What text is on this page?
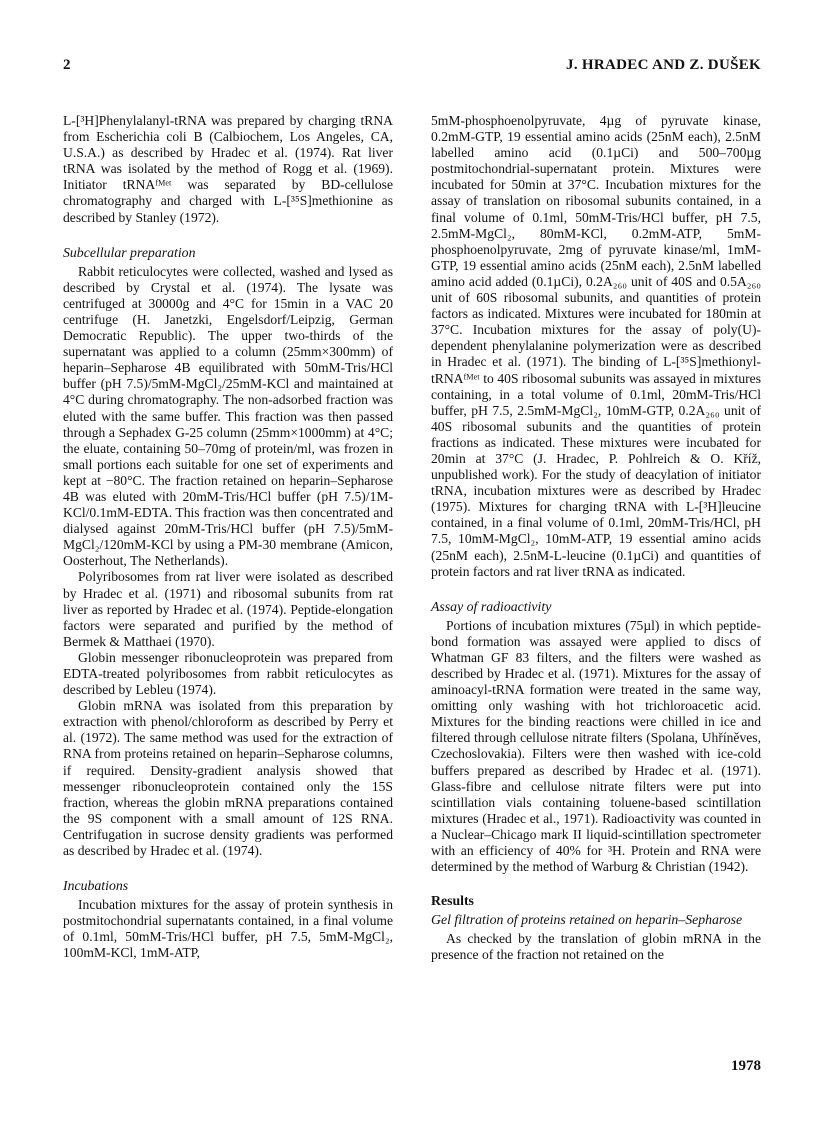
2	J. HRADEC AND Z. DUŠEK

L-[³H]Phenylalanyl-tRNA was prepared by charging tRNA from Escherichia coli B (Calbiochem, Los Angeles, CA, U.S.A.) as described by Hradec et al. (1974). Rat liver tRNA was isolated by the method of Rogg et al. (1969). Initiator tRNAᶠᴹᵉᵗ was separated by BD-cellulose chromatography and charged with L-[³⁵S]methionine as described by Stanley (1972).

Subcellular preparation

Rabbit reticulocytes were collected, washed and lysed as described by Crystal et al. (1974). The lysate was centrifuged at 30000g and 4°C for 15min in a VAC 20 centrifuge (H. Janetzki, Engelsdorf/Leipzig, German Democratic Republic). The upper two-thirds of the supernatant was applied to a column (25mm×300mm) of heparin–Sepharose 4B equilibrated with 50mM-Tris/HCl buffer (pH 7.5)/5mM-MgCl₂/25mM-KCl and maintained at 4°C during chromatography. The non-adsorbed fraction was eluted with the same buffer. This fraction was then passed through a Sephadex G-25 column (25mm×1000mm) at 4°C; the eluate, containing 50–70mg of protein/ml, was frozen in small portions each suitable for one set of experiments and kept at −80°C. The fraction retained on heparin–Sepharose 4B was eluted with 20mM-Tris/HCl buffer (pH 7.5)/1M-KCl/0.1mM-EDTA. This fraction was then concentrated and dialysed against 20mM-Tris/HCl buffer (pH 7.5)/5mM-MgCl₂/120mM-KCl by using a PM-30 membrane (Amicon, Oosterhout, The Netherlands).

Polyribosomes from rat liver were isolated as described by Hradec et al. (1971) and ribosomal subunits from rat liver as reported by Hradec et al. (1974). Peptide-elongation factors were separated and purified by the method of Bermek & Matthaei (1970).

Globin messenger ribonucleoprotein was prepared from EDTA-treated polyribosomes from rabbit reticulocytes as described by Lebleu (1974).

Globin mRNA was isolated from this preparation by extraction with phenol/chloroform as described by Perry et al. (1972). The same method was used for the extraction of RNA from proteins retained on heparin–Sepharose columns, if required. Density-gradient analysis showed that messenger ribonucleoprotein contained only the 15S fraction, whereas the globin mRNA preparations contained the 9S component with a small amount of 12S RNA. Centrifugation in sucrose density gradients was performed as described by Hradec et al. (1974).

Incubations

Incubation mixtures for the assay of protein synthesis in postmitochondrial supernatants contained, in a final volume of 0.1ml, 50mM-Tris/HCl buffer, pH 7.5, 5mM-MgCl₂, 100mM-KCl, 1mM-ATP,

5mM-phosphoenolpyruvate, 4µg of pyruvate kinase, 0.2mM-GTP, 19 essential amino acids (25nM each), 2.5nM labelled amino acid (0.1µCi) and 500–700µg postmitochondrial-supernatant protein. Mixtures were incubated for 50min at 37°C. Incubation mixtures for the assay of translation on ribosomal subunits contained, in a final volume of 0.1ml, 50mM-Tris/HCl buffer, pH 7.5, 2.5mM-MgCl₂, 80mM-KCl, 0.2mM-ATP, 5mM-phosphoenolpyruvate, 2mg of pyruvate kinase/ml, 1mM-GTP, 19 essential amino acids (25nM each), 2.5nM labelled amino acid added (0.1µCi), 0.2A₂₆₀ unit of 40S and 0.5A₂₆₀ unit of 60S ribosomal subunits, and quantities of protein factors as indicated. Mixtures were incubated for 180min at 37°C. Incubation mixtures for the assay of poly(U)-dependent phenylalanine polymerization were as described in Hradec et al. (1971). The binding of L-[³⁵S]methionyl-tRNAᶠᴹᵉᵗ to 40S ribosomal subunits was assayed in mixtures containing, in a total volume of 0.1ml, 20mM-Tris/HCl buffer, pH 7.5, 2.5mM-MgCl₂, 10mM-GTP, 0.2A₂₆₀ unit of 40S ribosomal subunits and the quantities of protein fractions as indicated. These mixtures were incubated for 20min at 37°C (J. Hradec, P. Pohlreich & O. Kříž, unpublished work). For the study of deacylation of initiator tRNA, incubation mixtures were as described by Hradec (1975). Mixtures for charging tRNA with L-[³H]leucine contained, in a final volume of 0.1ml, 20mM-Tris/HCl, pH 7.5, 10mM-MgCl₂, 10mM-ATP, 19 essential amino acids (25nM each), 2.5nM-L-leucine (0.1µCi) and quantities of protein factors and rat liver tRNA as indicated.

Assay of radioactivity

Portions of incubation mixtures (75µl) in which peptide-bond formation was assayed were applied to discs of Whatman GF 83 filters, and the filters were washed as described by Hradec et al. (1971). Mixtures for the assay of aminoacyl-tRNA formation were treated in the same way, omitting only washing with hot trichloroacetic acid. Mixtures for the binding reactions were chilled in ice and filtered through cellulose nitrate filters (Spolana, Uhříněves, Czechoslovakia). Filters were then washed with ice-cold buffers prepared as described by Hradec et al. (1971). Glass-fibre and cellulose nitrate filters were put into scintillation vials containing toluene-based scintillation mixtures (Hradec et al., 1971). Radioactivity was counted in a Nuclear–Chicago mark II liquid-scintillation spectrometer with an efficiency of 40% for ³H. Protein and RNA were determined by the method of Warburg & Christian (1942).

Results
Gel filtration of proteins retained on heparin–Sepharose

As checked by the translation of globin mRNA in the presence of the fraction not retained on the

1978
